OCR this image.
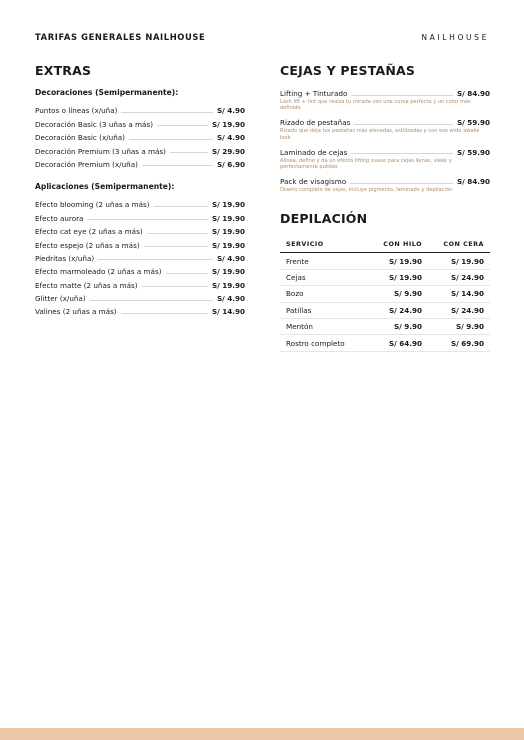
TARIFAS GENERALES NAILHOUSE	NAILHOUSE
EXTRAS
Decoraciones (Semipermanente):
Puntos o líneas (x/uña)	S/ 4.90
Decoración Basic (3 uñas a más)	S/ 19.90
Decoración Basic (x/uña)	S/ 4.90
Decoración Premium (3 uñas a más)	S/ 29.90
Decoración Premium (x/uña)	S/ 6.90
Aplicaciones (Semipermanente):
Efecto blooming (2 uñas a más)	S/ 19.90
Efecto aurora	S/ 19.90
Efecto cat eye (2 uñas a más)	S/ 19.90
Efecto espejo (2 uñas a más)	S/ 19.90
Piedritas (x/uña)	S/ 4.90
Efecto marmoleado (2 uñas a más)	S/ 19.90
Efecto matte (2 uñas a más)	S/ 19.90
Glitter (x/uña)	S/ 4.90
Valines (2 uñas a más)	S/ 14.90
CEJAS Y PESTAÑAS
Lifting + Tinturado	S/ 84.90
Lash lift + tint que realza tu mirada con una curva perfecta y un color más definido
Rizado de pestañas	S/ 59.90
Rizado que deja tus pestañas más elevadas, estilizadas y con ese wide awake look
Laminado de cejas	S/ 59.90
Alinea, define y da un efecto lifting suave para cejas llenas, sleek y perfectamente pulidas
Pack de visagismo	S/ 84.90
Diseño completo de cejas, incluye pigmento, laminado y depilación
DEPILACIÓN
SERVICIO	CON HILO	CON CERA
Frente	S/ 19.90	S/ 19.90
Cejas	S/ 19.90	S/ 24.90
Bozo	S/ 9.90	S/ 14.90
Patillas	S/ 24.90	S/ 24.90
Mentón	S/ 9.90	S/ 9.90
Rostro completo	S/ 64.90	S/ 69.90
